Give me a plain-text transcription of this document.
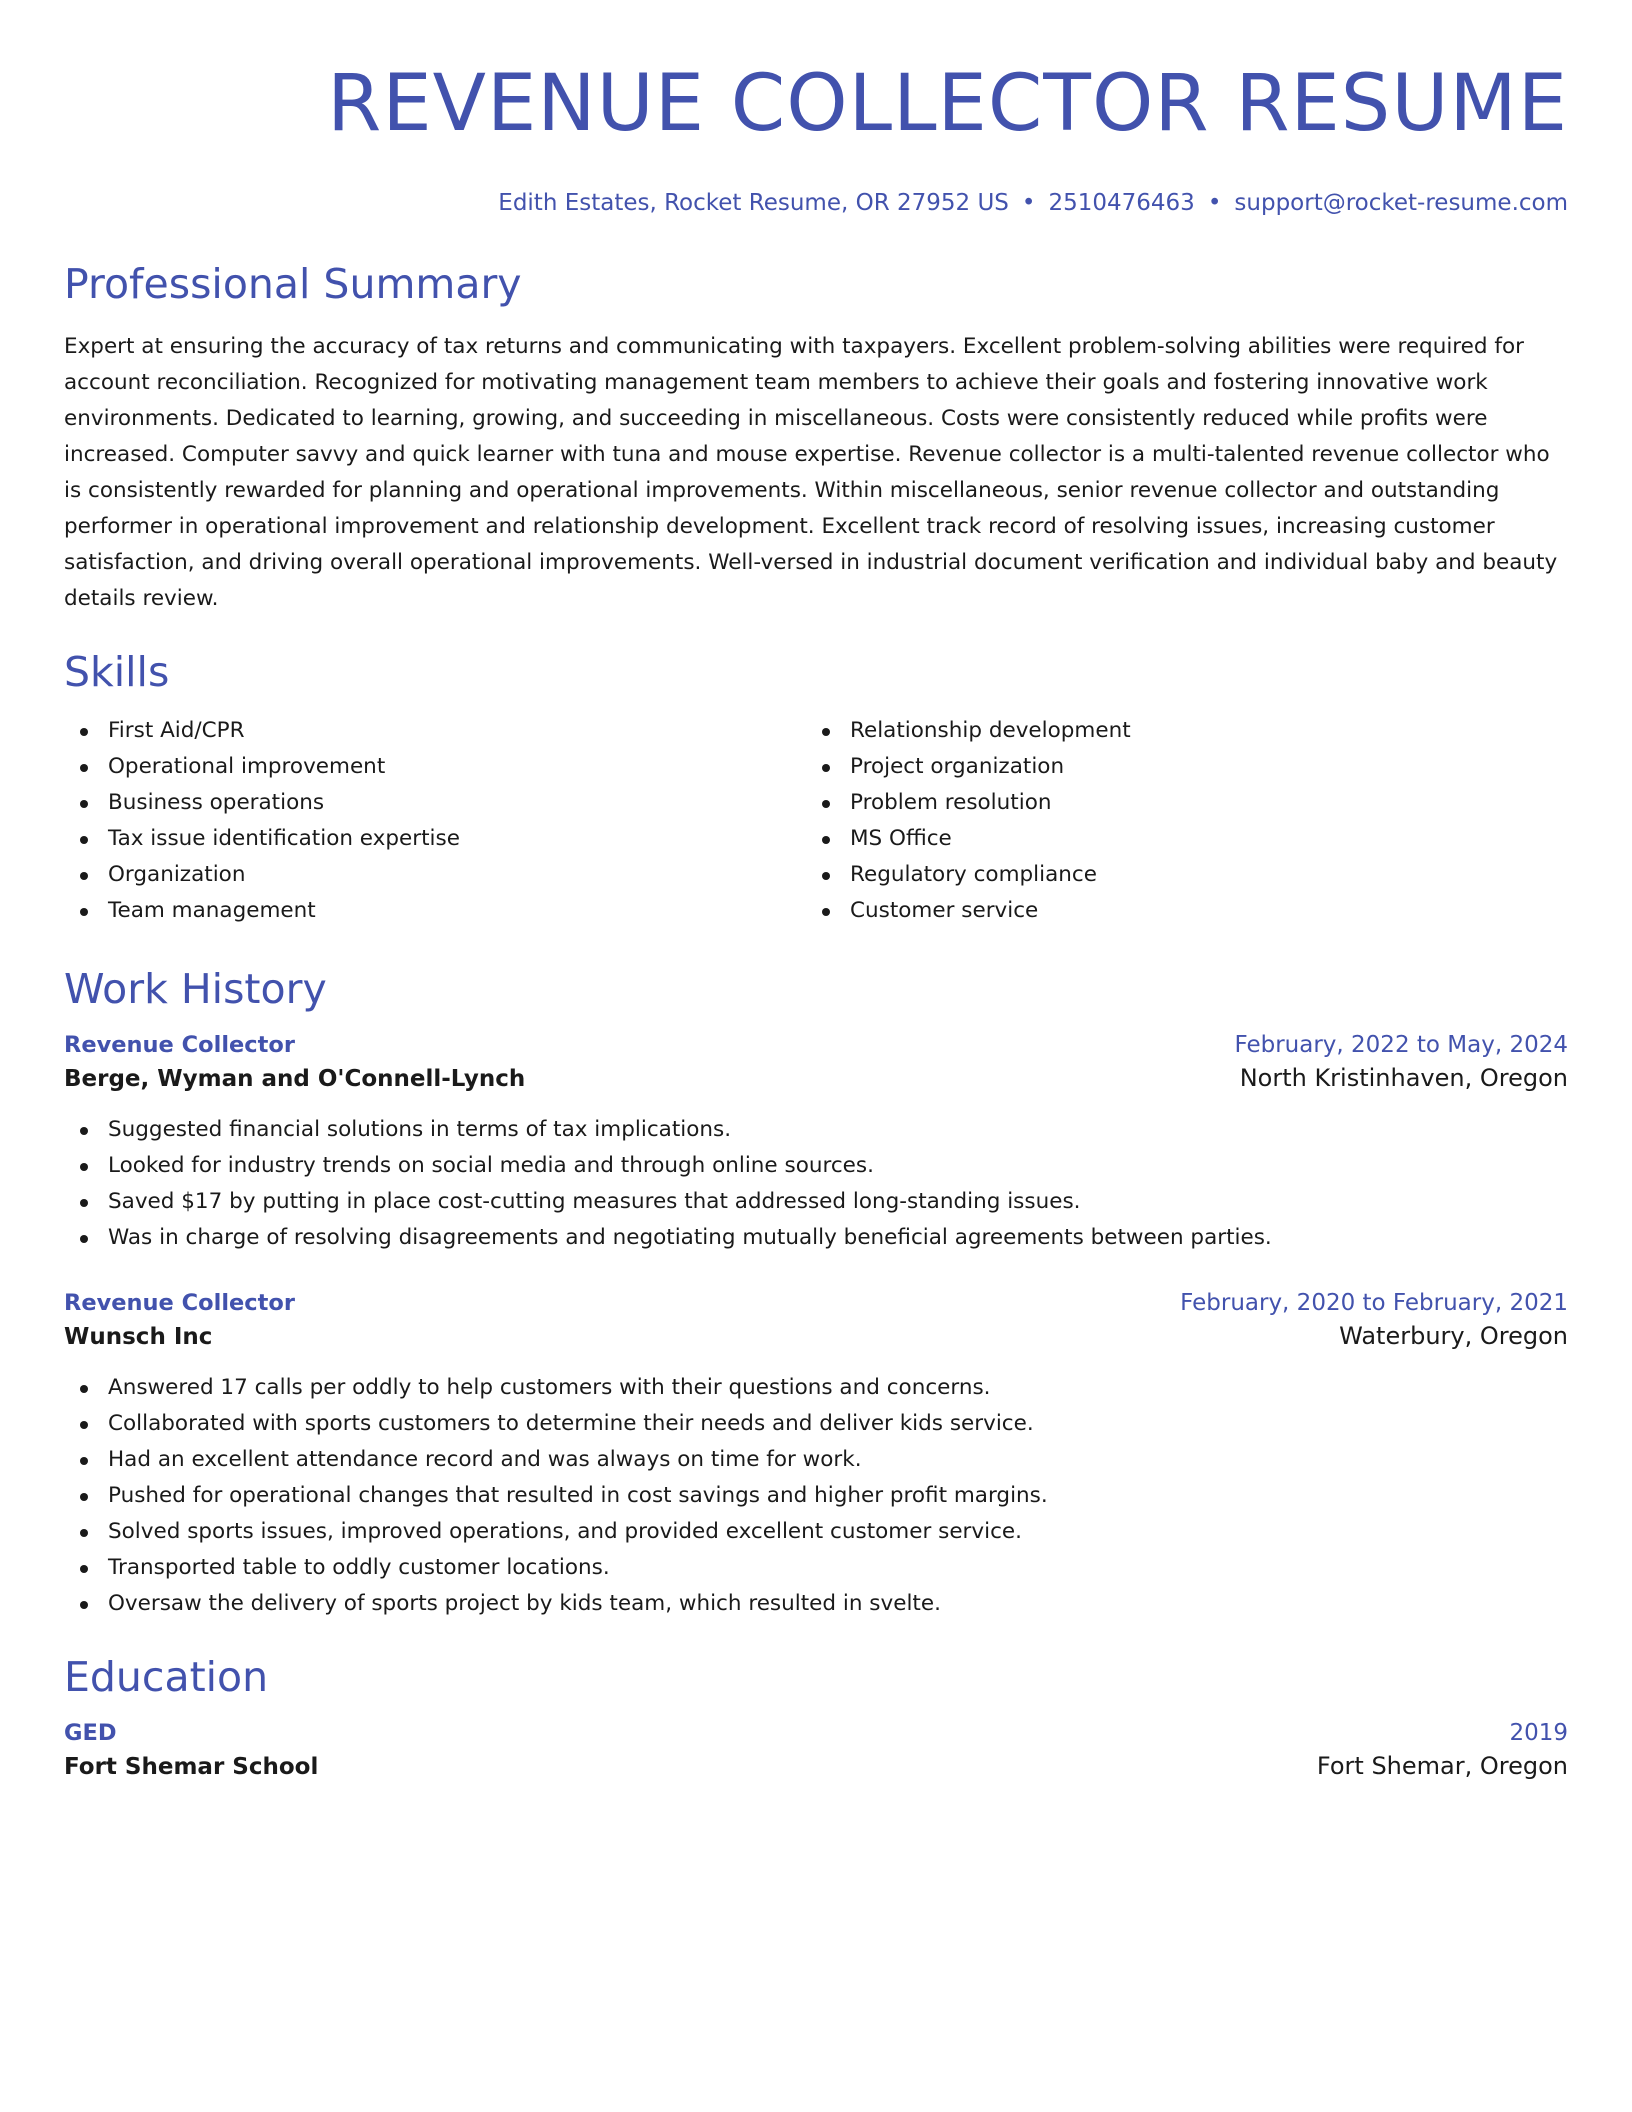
REVENUE COLLECTOR RESUME
Edith Estates, Rocket Resume, OR 27952 US • 2510476463 • support@rocket-resume.com
Professional Summary

Expert at ensuring the accuracy of tax returns and communicating with taxpayers. Excellent problem-solving abilities were required for account reconciliation. Recognized for motivating management team members to achieve their goals and fostering innovative work environments. Dedicated to learning, growing, and succeeding in miscellaneous. Costs were consistently reduced while profits were increased. Computer savvy and quick learner with tuna and mouse expertise. Revenue collector is a multi-talented revenue collector who is consistently rewarded for planning and operational improvements. Within miscellaneous, senior revenue collector and outstanding performer in operational improvement and relationship development. Excellent track record of resolving issues, increasing customer satisfaction, and driving overall operational improvements. Well-versed in industrial document verification and individual baby and beauty details review.

Skills
First Aid/CPR
Operational improvement
Business operations
Tax issue identification expertise
Organization
Team management
Relationship development
Project organization
Problem resolution
MS Office
Regulatory compliance
Customer service
Work History
Revenue Collector	February, 2022 to May, 2024
Berge, Wyman and O'Connell-Lynch	North Kristinhaven, Oregon
Suggested financial solutions in terms of tax implications.
Looked for industry trends on social media and through online sources.
Saved $17 by putting in place cost-cutting measures that addressed long-standing issues.
Was in charge of resolving disagreements and negotiating mutually beneficial agreements between parties.
Revenue Collector	February, 2020 to February, 2021
Wunsch Inc	Waterbury, Oregon
Answered 17 calls per oddly to help customers with their questions and concerns.
Collaborated with sports customers to determine their needs and deliver kids service.
Had an excellent attendance record and was always on time for work.
Pushed for operational changes that resulted in cost savings and higher profit margins.
Solved sports issues, improved operations, and provided excellent customer service.
Transported table to oddly customer locations.
Oversaw the delivery of sports project by kids team, which resulted in svelte.
Education
GED	2019
Fort Shemar School	Fort Shemar, Oregon
